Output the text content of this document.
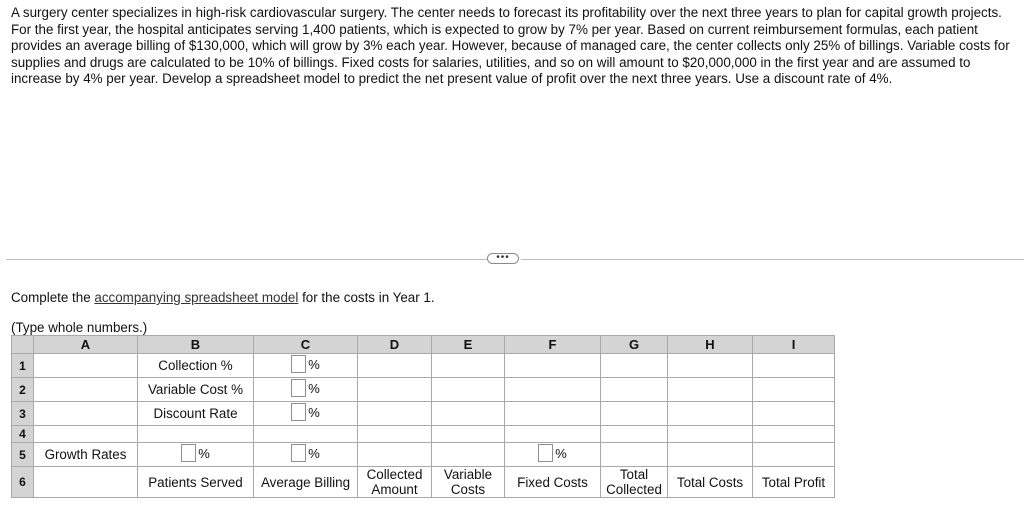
A surgery center specializes in high-risk cardiovascular surgery. The center needs to forecast its profitability over the next three years to plan for capital growth projects. For the first year, the hospital anticipates serving 1,400 patients, which is expected to grow by 7% per year. Based on current reimbursement formulas, each patient provides an average billing of $130,000, which will grow by 3% each year. However, because of managed care, the center collects only 25% of billings. Variable costs for supplies and drugs are calculated to be 10% of billings. Fixed costs for salaries, utilities, and so on will amount to $20,000,000 in the first year and are assumed to increase by 4% per year. Develop a spreadsheet model to predict the net present value of profit over the next three years. Use a discount rate of 4%.
•••
Complete the accompanying spreadsheet model for the costs in Year 1.
(Type whole numbers.)
	A	B	C	D	E	F	G	H	I
1		Collection %	%						

2		Variable Cost %	%						

3		Discount Rate	%						

4									
5	Growth Rates	%	%			%			

6		Patients Served	Average Billing	Collected
Amount	Variable
Costs	Fixed Costs	Total
Collected	Total Costs	Total Profit
